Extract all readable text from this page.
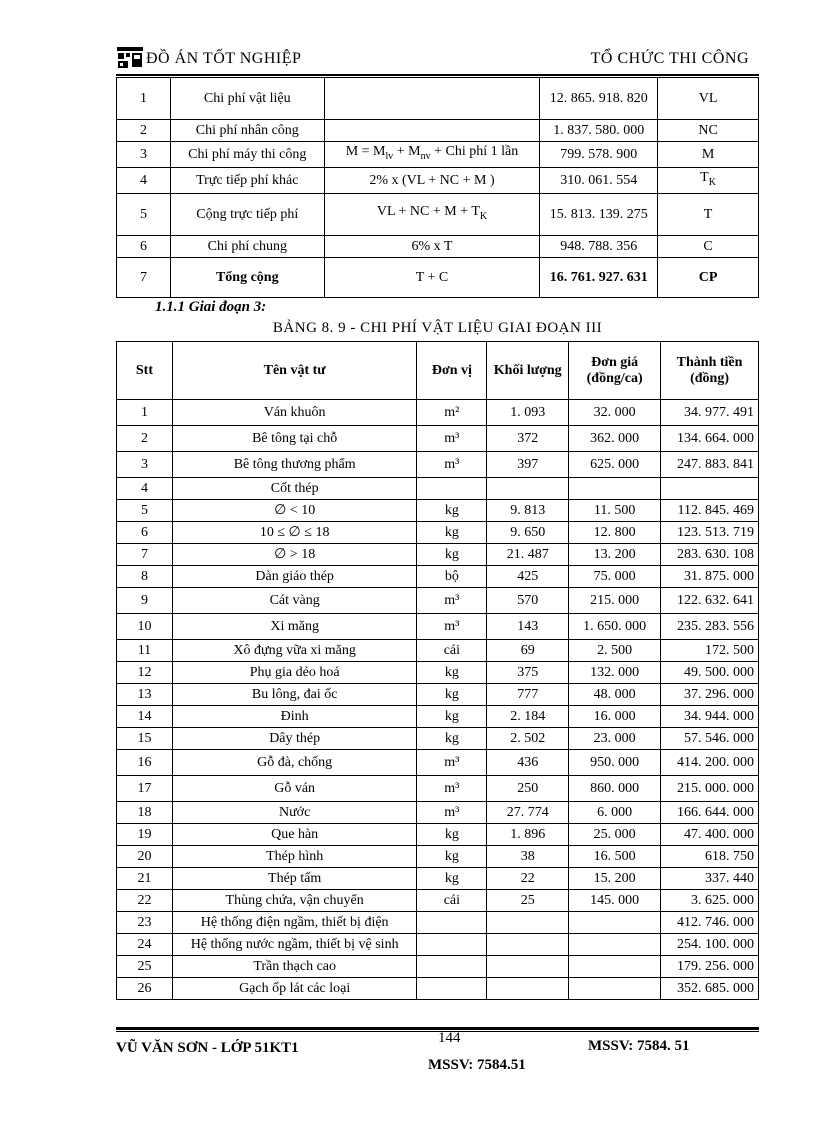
ĐỒ ÁN TỐT NGHIỆP	TỔ CHỨC THI CÔNG
1	Chi phí vật liệu		12. 865. 918. 820	VL
2	Chi phí nhân công		1. 837. 580. 000	NC
3	Chi phí máy thi công	$M = M_{lv} + M_{nv}$ + Chi phí 1 lần	799. 578. 900	M
4	Trực tiếp phí khác	2% x (VL + NC + M )	310. 061. 554	$T_K$
5	Cộng trực tiếp phí	VL + NC + $M + T_K$	15. 813. 139. 275	T
6	Chi phí chung	6% x T	948. 788. 356	C
7	Tổng cộng	T + C	16. 761. 927. 631	CP
1.1.1 Giai đoạn 3:
BẢNG 8. 9 - CHI PHÍ VẬT LIỆU GIAI ĐOẠN III
Stt	Tên vật tư	Đơn vị	Khối lượng	Đơn giá (đồng/ca)	Thành tiền (đồng)
1	Ván khuôn	m²	1. 093	32. 000	34. 977. 491
2	Bê tông tại chỗ	m³	372	362. 000	134. 664. 000
3	Bê tông thương phẩm	m³	397	625. 000	247. 883. 841
4	Cốt thép				
5	∅ < 10	kg	9. 813	11. 500	112. 845. 469
6	10 ≤ ∅ ≤ 18	kg	9. 650	12. 800	123. 513. 719
7	∅ > 18	kg	21. 487	13. 200	283. 630. 108
8	Dàn giáo thép	bộ	425	75. 000	31. 875. 000
9	Cát vàng	m³	570	215. 000	122. 632. 641
10	Xi măng	m³	143	1. 650. 000	235. 283. 556
11	Xô đựng vữa xi măng	cái	69	2. 500	172. 500
12	Phụ gia dẻo hoá	kg	375	132. 000	49. 500. 000
13	Bu lông, đai ốc	kg	777	48. 000	37. 296. 000
14	Đinh	kg	2. 184	16. 000	34. 944. 000
15	Dây thép	kg	2. 502	23. 000	57. 546. 000
16	Gỗ đà, chống	m³	436	950. 000	414. 200. 000
17	Gỗ ván	m³	250	860. 000	215. 000. 000
18	Nước	m³	27. 774	6. 000	166. 644. 000
19	Que hàn	kg	1. 896	25. 000	47. 400. 000
20	Thép hình	kg	38	16. 500	618. 750
21	Thép tấm	kg	22	15. 200	337. 440
22	Thùng chứa, vận chuyển	cái	25	145. 000	3. 625. 000
23	Hệ thống điện ngầm, thiết bị điện				412. 746. 000
24	Hệ thống nước ngầm, thiết bị vệ sinh				254. 100. 000
25	Trần thạch cao				179. 256. 000
26	Gạch ốp lát các loại				352. 685. 000
VŨ VĂN SƠN - LỚP 51KT1
144	MSSV: 7584. 51
MSSV: 7584.51
